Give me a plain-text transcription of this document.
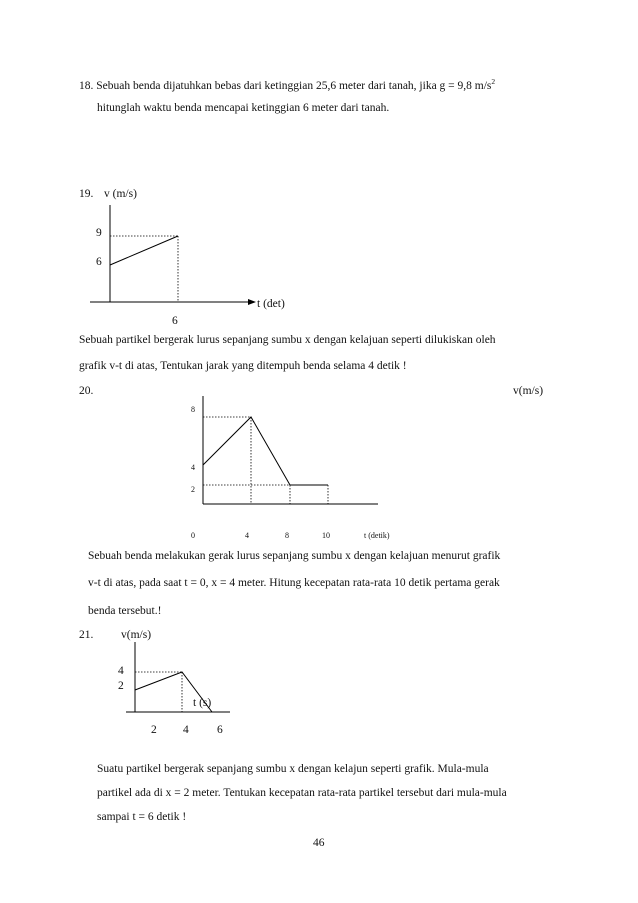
18. Sebuah benda dijatuhkan bebas dari ketinggian 25,6 meter dari tanah, jika g = 9,8 $m/s^2$
hitunglah waktu benda mencapai ketinggian 6 meter dari tanah.
19. v (m/s)
9
6
t (det)
6
Sebuah partikel bergerak lurus sepanjang sumbu x dengan kelajuan seperti dilukiskan oleh
grafik v-t di atas, Tentukan jarak yang ditempuh benda selama 4 detik !
20.	v(m/s)
8
4
2
0	4	8	10	t (detik)
Sebuah benda melakukan gerak lurus sepanjang sumbu x dengan kelajuan menurut grafik
v-t di atas, pada saat t = 0, x = 4 meter. Hitung kecepatan rata-rata 10 detik pertama gerak
benda tersebut.!
21. v(m/s)
4
2
t (s)
2 4 6
Suatu partikel bergerak sepanjang sumbu x dengan kelajun seperti grafik. Mula-mula
partikel ada di x = 2 meter. Tentukan kecepatan rata-rata partikel tersebut dari mula-mula
sampai t = 6 detik !
46
